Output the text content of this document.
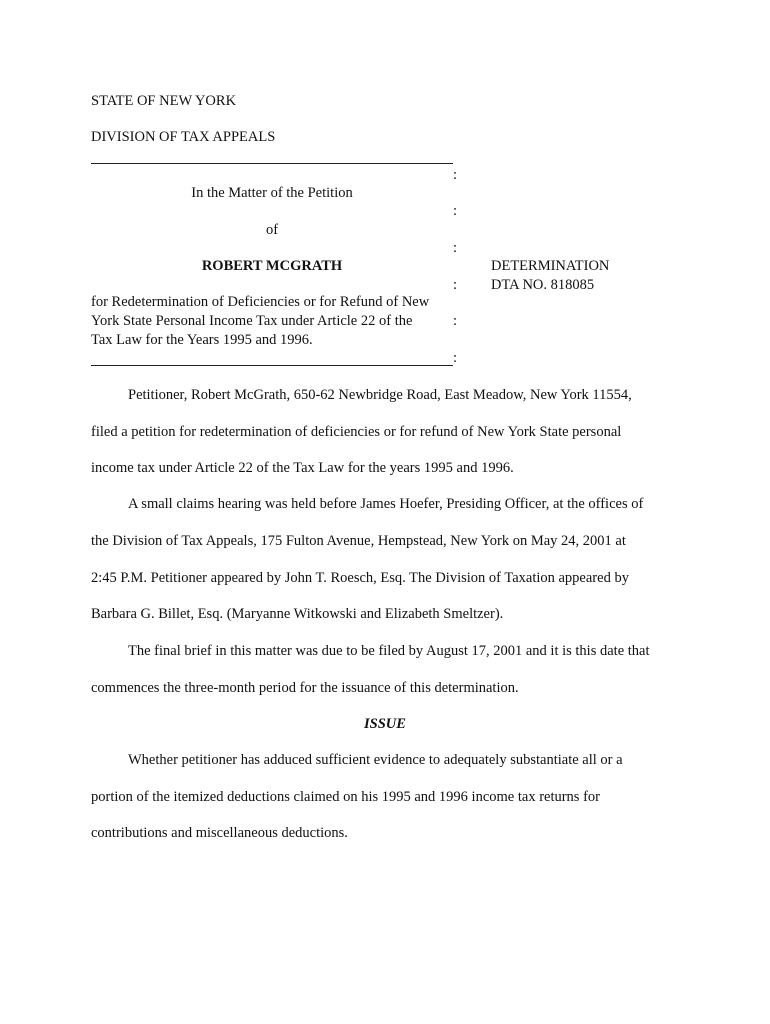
STATE OF NEW YORK
DIVISION OF TAX APPEALS
:
In the Matter of the Petition
:
of
:
ROBERT MCGRATH
:
for Redetermination of Deficiencies or for Refund of New
York State Personal Income Tax under Article 22 of the	:
Tax Law for the Years 1995 and 1996.
:
DETERMINATION
DTA NO. 818085
Petitioner, Robert McGrath, 650-62 Newbridge Road, East Meadow, New York 11554,
filed a petition for redetermination of deficiencies or for refund of New York State personal
income tax under Article 22 of the Tax Law for the years 1995 and 1996.
A small claims hearing was held before James Hoefer, Presiding Officer, at the offices of
the Division of Tax Appeals, 175 Fulton Avenue, Hempstead, New York on May 24, 2001 at
2:45 P.M. Petitioner appeared by John T. Roesch, Esq. The Division of Taxation appeared by
Barbara G. Billet, Esq. (Maryanne Witkowski and Elizabeth Smeltzer).
The final brief in this matter was due to be filed by August 17, 2001 and it is this date that
commences the three-month period for the issuance of this determination.
ISSUE
Whether petitioner has adduced sufficient evidence to adequately substantiate all or a
portion of the itemized deductions claimed on his 1995 and 1996 income tax returns for
contributions and miscellaneous deductions.
